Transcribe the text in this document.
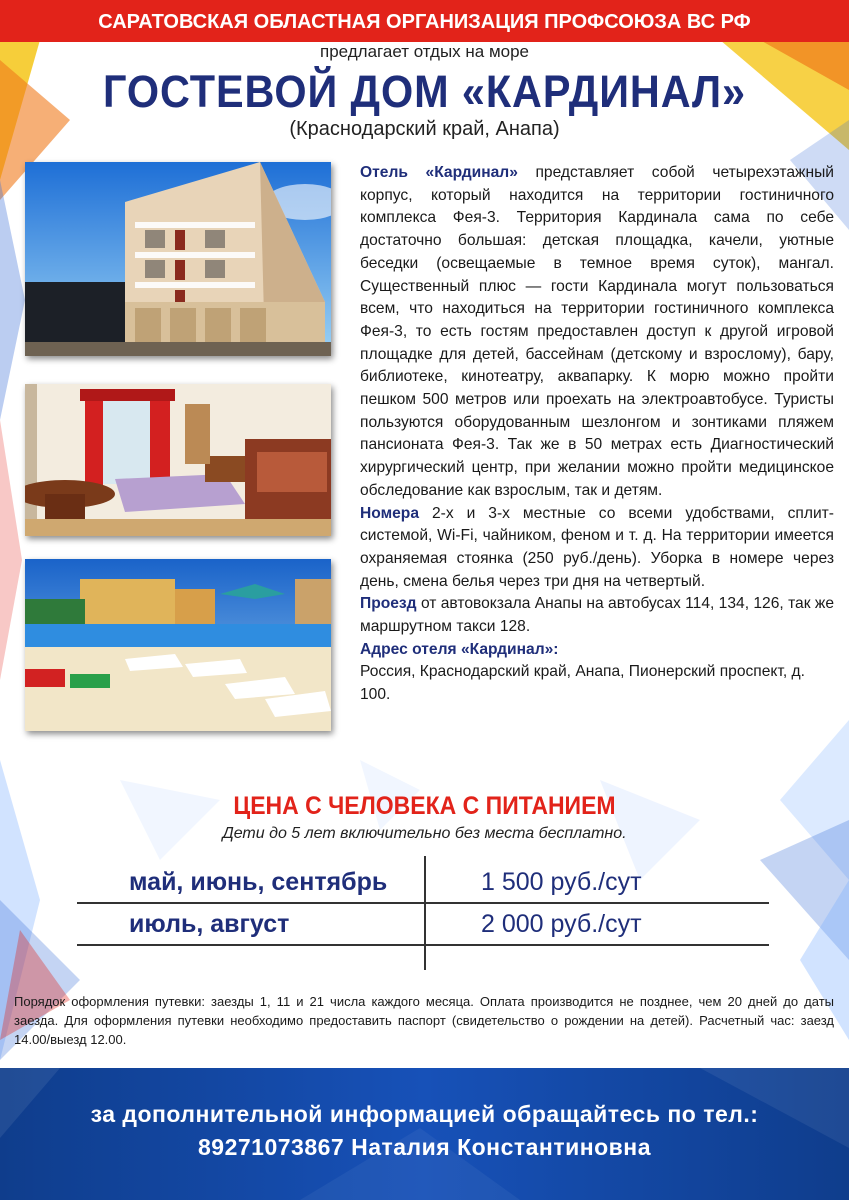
САРАТОВСКАЯ ОБЛАСТНАЯ ОРГАНИЗАЦИЯ ПРОФСОЮЗА ВС РФ
предлагает отдых на море
ГОСТЕВОЙ ДОМ «КАРДИНАЛ»
(Краснодарский край, Анапа)

Отель «Кардинал» представляет собой четырехэтажный корпус, который находится на территории гостиничного комплекса Фея-3. Территория Кардинала сама по себе достаточно большая: детская площадка, качели, уютные беседки (освещаемые в темное время суток), мангал. Существенный плюс — гости Кардинала могут пользоваться всем, что находиться на территории гостиничного комплекса Фея-3, то есть гостям предоставлен доступ к другой игровой площадке для детей, бассейнам (детскому и взрослому), бару, библиотеке, кинотеатру, аквапарку. К морю можно пройти пешком 500 метров или проехать на электроавтобусе. Туристы пользуются оборудованным шезлонгом и зонтиками пляжем пансионата Фея-3. Так же в 50 метрах есть Диагностический хирургический центр, при желании можно пройти медицинское обследование как взрослым, так и детям.

Номера 2-х и 3-х местные со всеми удобствами, сплит-системой, Wi-Fi, чайником, феном и т. д. На территории имеется охраняемая стоянка (250 руб./день). Уборка в номере через день, смена белья через три дня на четвертый.

Проезд от автовокзала Анапы на автобусах 114, 134, 126, так же маршрутном такси 128.

Адрес отеля «Кардинал»:

Россия, Краснодарский край, Анапа, Пионерский проспект, д. 100.

ЦЕНА С ЧЕЛОВЕКА С ПИТАНИЕМ
Дети до 5 лет включительно без места бесплатно.
май, июнь, сентябрь	1 500 руб./сут
июль, август	2 000 руб./сут
Порядок оформления путевки: заезды 1, 11 и 21 числа каждого месяца. Оплата производится не позднее, чем 20 дней до даты заезда. Для оформления путевки необходимо предоставить паспорт (свидетельство о рождении на детей). Расчетный час: заезд 14.00/выезд 12.00.
за дополнительной информацией обращайтесь по тел.:
89271073867 Наталия Константиновна
